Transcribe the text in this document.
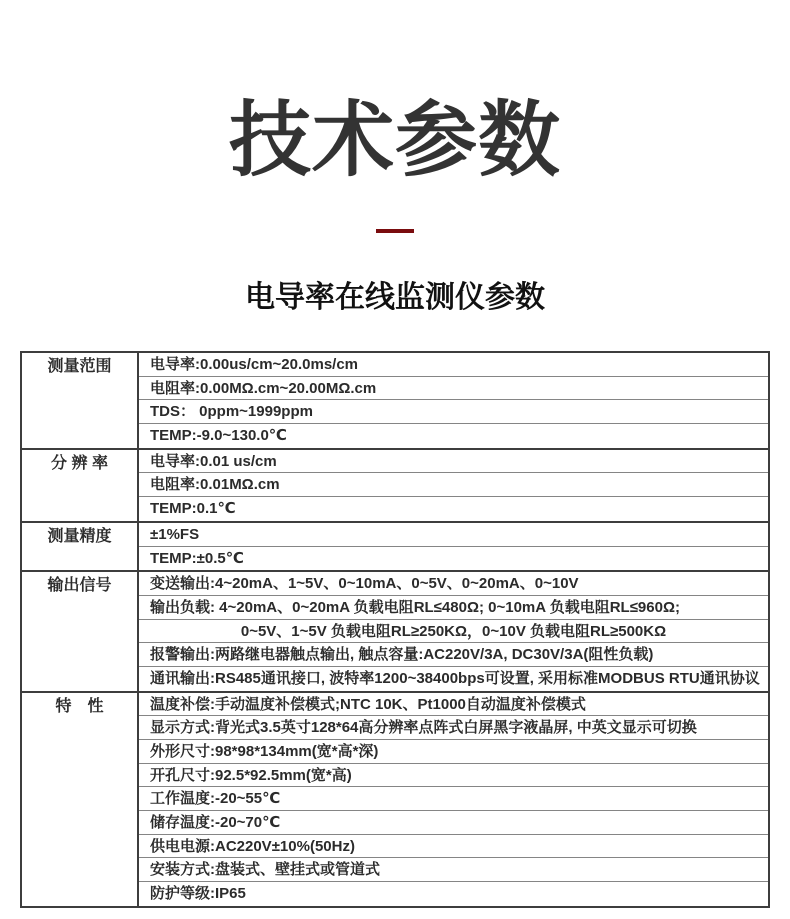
技术参数
电导率在线监测仪参数
测量范围	电导率:0.00us/cm~20.0ms/cm
电阻率:0.00MΩ.cm~20.00MΩ.cm
TDS： 0ppm~1999ppm
TEMP:-9.0~130.0℃
分 辨 率	电导率:0.01 us/cm
电阻率:0.01MΩ.cm
TEMP:0.1℃
测量精度	±1%FS
TEMP:±0.5℃
输出信号	变送输出:4~20mA、1~5V、0~10mA、0~5V、0~20mA、0~10V
输出负载: 4~20mA、0~20mA 负载电阻RL≤480Ω; 0~10mA 负载电阻RL≤960Ω;
0~5V、1~5V 负载电阻RL≥250KΩ，0~10V 负载电阻RL≥500KΩ
报警输出:两路继电器触点输出, 触点容量:AC220V/3A, DC30V/3A(阻性负载)
通讯输出:RS485通讯接口, 波特率1200~38400bps可设置, 采用标准MODBUS RTU通讯协议
特　性	温度补偿:手动温度补偿模式;NTC 10K、Pt1000自动温度补偿模式
显示方式:背光式3.5英寸128*64高分辨率点阵式白屏黑字液晶屏, 中英文显示可切换
外形尺寸:98*98*134mm(宽*高*深)
开孔尺寸:92.5*92.5mm(宽*高)
工作温度:-20~55℃
储存温度:-20~70℃
供电电源:AC220V±10%(50Hz)
安装方式:盘装式、壁挂式或管道式
防护等级:IP65
